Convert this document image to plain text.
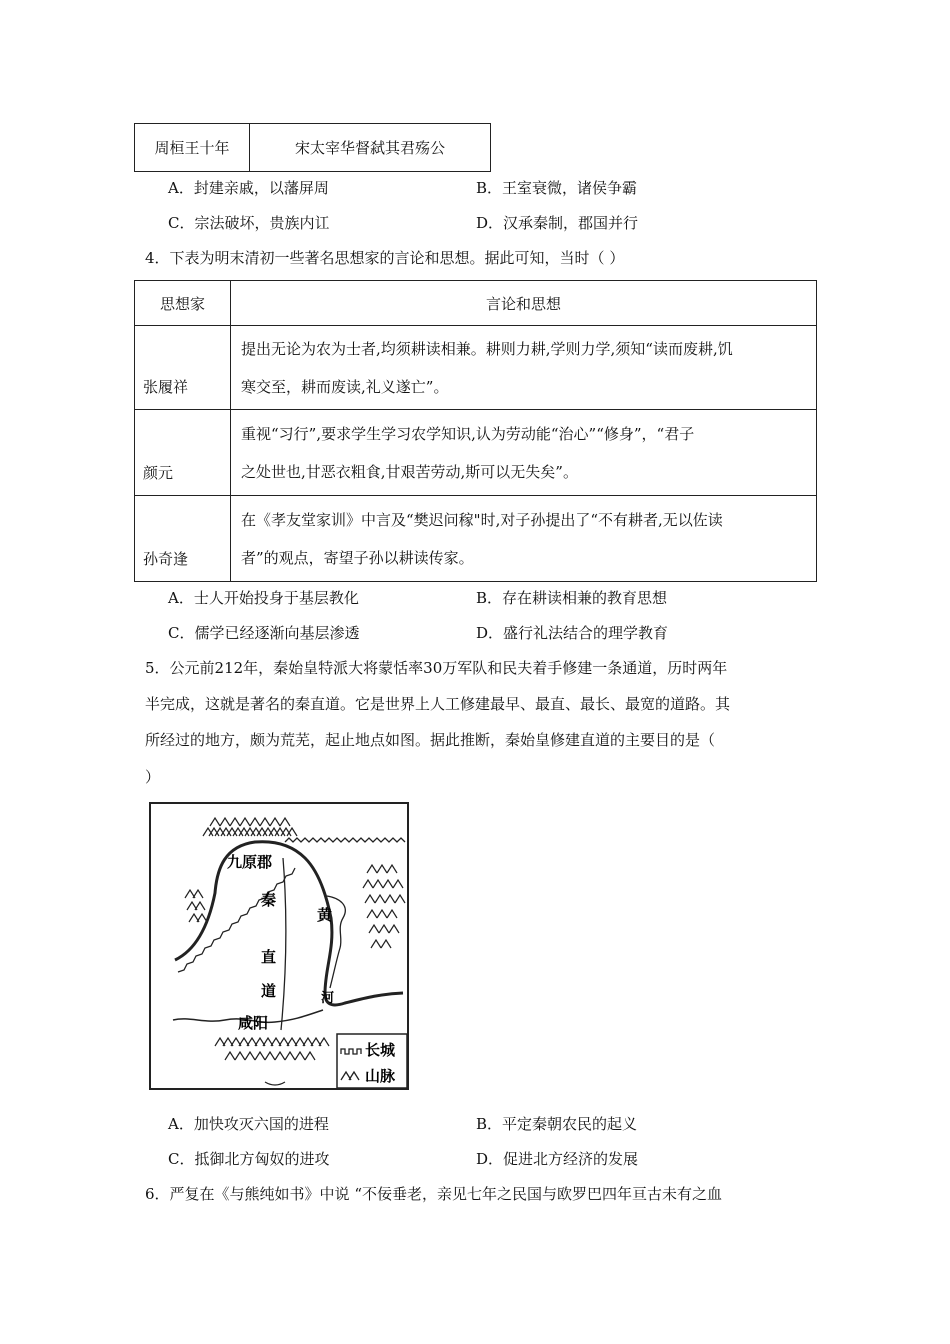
周桓王十年	宋太宰华督弑其君殇公
A．封建亲戚，以藩屏周	B．王室衰微，诸侯争霸
C．宗法破坏，贵族内讧	D．汉承秦制，郡国并行
4．下表为明末清初一些著名思想家的言论和思想。据此可知，当时（ ）
思想家	言论和思想
张履祥	提出无论为农为士者,均须耕读相兼。耕则力耕,学则力学,须知“读而废耕,饥
寒交至，耕而废读,礼义遂亡”。

颜元	重视“习行”,要求学生学习农学知识,认为劳动能“治心”“修身”，“君子
之处世也,甘恶衣粗食,甘艰苦劳动,斯可以无失矣”。

孙奇逢	在《孝友堂家训》中言及“樊迟问稼"时,对子孙提出了“不有耕者,无以佐读
者”的观点，寄望子孙以耕读传家。
A．士人开始投身于基层教化	B．存在耕读相兼的教育思想
C．儒学已经逐渐向基层渗透	D．盛行礼法结合的理学教育
5．公元前212年，秦始皇特派大将蒙恬率30万军队和民夫着手修建一条通道，历时两年
半完成，这就是著名的秦直道。它是世界上人工修建最早、最直、最长、最宽的道路。其
所经过的地方，颇为荒芜，起止地点如图。据此推断，秦始皇修建直道的主要目的是（
）
九原郡
秦
直
道
咸阳
黄
河
长城
山脉
A．加快攻灭六国的进程	B．平定秦朝农民的起义
C．抵御北方匈奴的进攻	D．促进北方经济的发展
6．严复在《与熊纯如书》中说 “不佞垂老，亲见七年之民国与欧罗巴四年亘古未有之血
